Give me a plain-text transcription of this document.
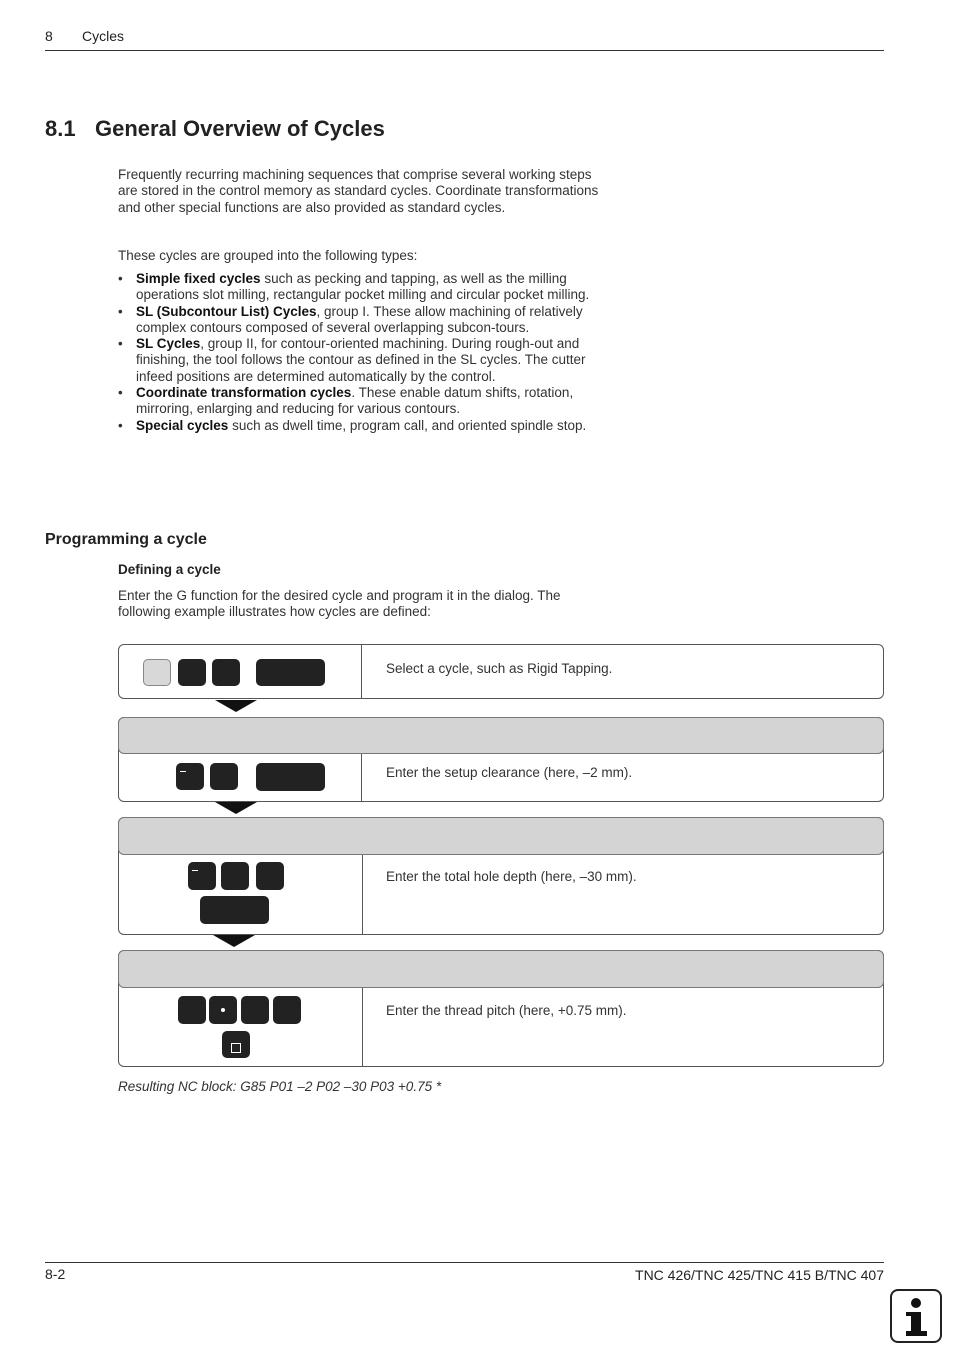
8 Cycles
8.1 General Overview of Cycles

Frequently recurring machining sequences that comprise several working steps are stored in the control memory as standard cycles. Coordinate transformations and other special functions are also provided as standard cycles.

These cycles are grouped into the following types:

• Simple fixed cycles such as pecking and tapping, as well as the milling operations slot milling, rectangular pocket milling and circular pocket milling.
• SL (Subcontour List) Cycles, group I. These allow machining of relatively complex contours composed of several overlapping subcon-tours.
• SL Cycles, group II, for contour-oriented machining. During rough-out and finishing, the tool follows the contour as defined in the SL cycles. The cutter infeed positions are determined automatically by the control.
• Coordinate transformation cycles. These enable datum shifts, rotation, mirroring, enlarging and reducing for various contours.
• Special cycles such as dwell time, program call, and oriented spindle stop.
Programming a cycle
Defining a cycle

Enter the G function for the desired cycle and program it in the dialog. The following example illustrates how cycles are defined:

Select a cycle, such as Rigid Tapping.
Enter the setup clearance (here, –2 mm).
Enter the total hole depth (here, –30 mm).
Enter the thread pitch (here, +0.75 mm).
Resulting NC block: G85 P01 –2 P02 –30 P03 +0.75 *
8-2	TNC 426/TNC 425/TNC 415 B/TNC 407
